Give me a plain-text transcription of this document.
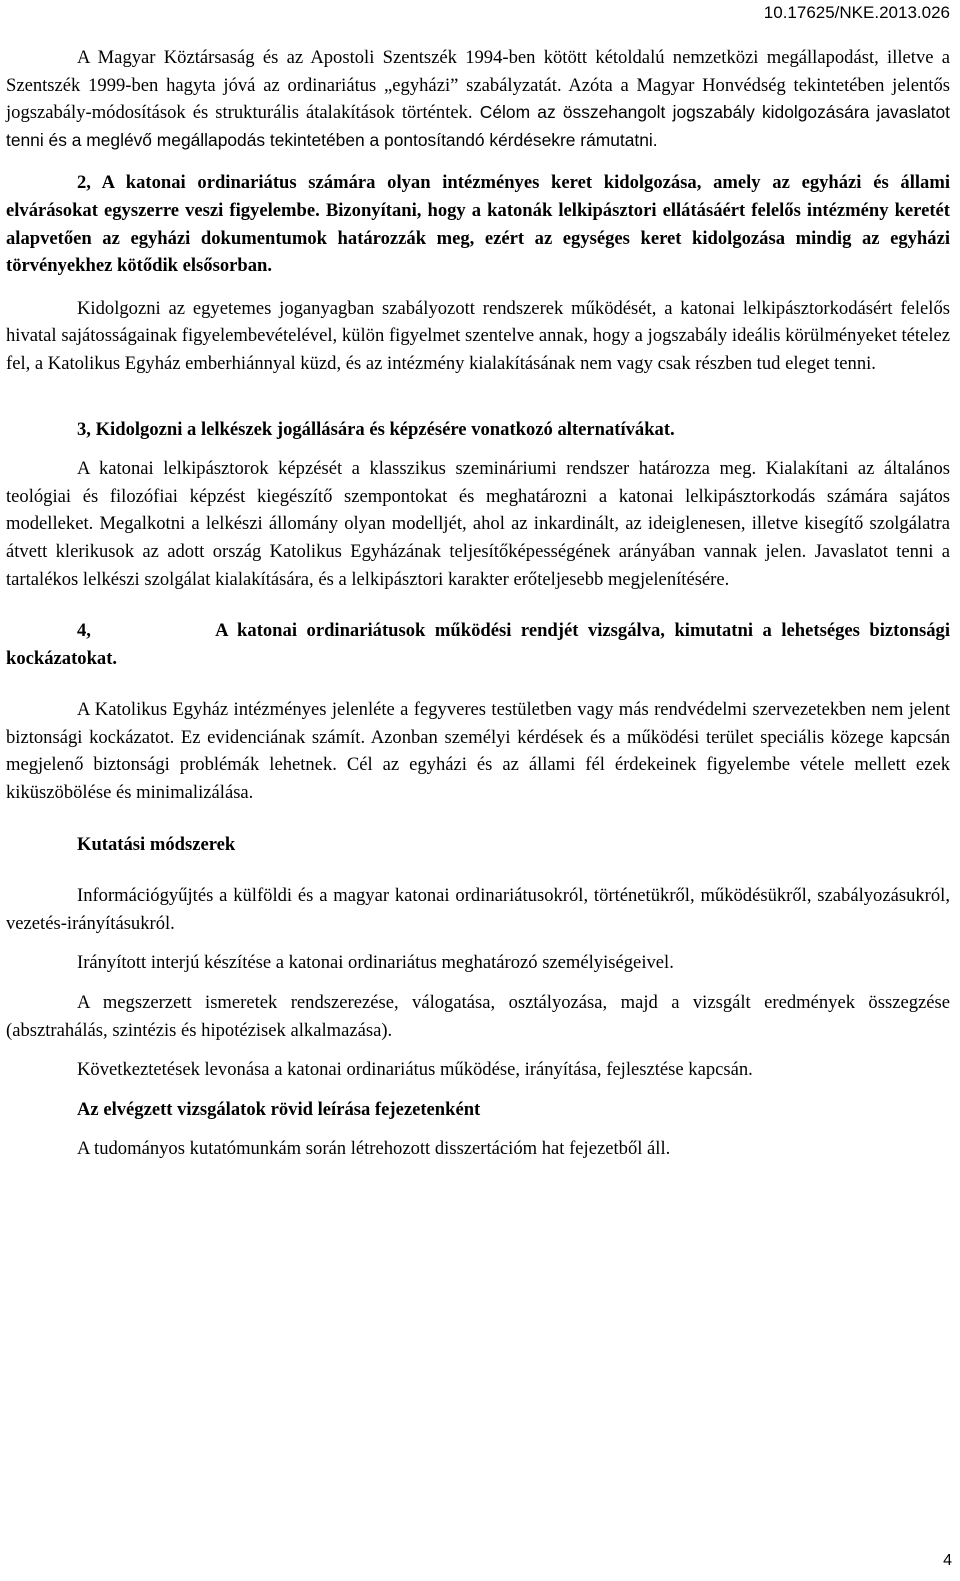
10.17625/NKE.2013.026

A Magyar Köztársaság és az Apostoli Szentszék 1994-ben kötött kétoldalú nemzetközi megállapodást, illetve a Szentszék 1999-ben hagyta jóvá az ordinariátus „egyházi” szabályzatát. Azóta a Magyar Honvédség tekintetében jelentős jogszabály-módosítások és strukturális átalakítások történtek. Célom az összehangolt jogszabály kidolgozására javaslatot tenni és a meglévő megállapodás tekintetében a pontosítandó kérdésekre rámutatni.

2, A katonai ordinariátus számára olyan intézményes keret kidolgozása, amely az egyházi és állami elvárásokat egyszerre veszi figyelembe. Bizonyítani, hogy a katonák lelkipásztori ellátásáért felelős intézmény keretét alapvetően az egyházi dokumentumok határozzák meg, ezért az egységes keret kidolgozása mindig az egyházi törvényekhez kötődik elsősorban.

Kidolgozni az egyetemes joganyagban szabályozott rendszerek működését, a katonai lelkipásztorkodásért felelős hivatal sajátosságainak figyelembevételével, külön figyelmet szentelve annak, hogy a jogszabály ideális körülményeket tételez fel, a Katolikus Egyház emberhiánnyal küzd, és az intézmény kialakításának nem vagy csak részben tud eleget tenni.

3, Kidolgozni a lelkészek jogállására és képzésére vonatkozó alternatívákat.

A katonai lelkipásztorok képzését a klasszikus szemináriumi rendszer határozza meg. Kialakítani az általános teológiai és filozófiai képzést kiegészítő szempontokat és meghatározni a katonai lelkipásztorkodás számára sajátos modelleket. Megalkotni a lelkészi állomány olyan modelljét, ahol az inkardinált, az ideiglenesen, illetve kisegítő szolgálatra átvett klerikusok az adott ország Katolikus Egyházának teljesítőképességének arányában vannak jelen. Javaslatot tenni a tartalékos lelkészi szolgálat kialakítására, és a lelkipásztori karakter erőteljesebb megjelenítésére.

4,             A katonai ordinariátusok működési rendjét vizsgálva, kimutatni a lehetséges biztonsági kockázatokat.

A Katolikus Egyház intézményes jelenléte a fegyveres testületben vagy más rendvédelmi szervezetekben nem jelent biztonsági kockázatot. Ez evidenciának számít. Azonban személyi kérdések és a működési terület speciális közege kapcsán megjelenő biztonsági problémák lehetnek. Cél az egyházi és az állami fél érdekeinek figyelembe vétele mellett ezek kiküszöbölése és minimalizálása.

Kutatási módszerek

Információgyűjtés a külföldi és a magyar katonai ordinariátusokról, történetükről, működésükről, szabályozásukról, vezetés-irányításukról.

Irányított interjú készítése a katonai ordinariátus meghatározó személyiségeivel.

A megszerzett ismeretek rendszerezése, válogatása, osztályozása, majd a vizsgált eredmények összegzése (absztrahálás, szintézis és hipotézisek alkalmazása).

Következtetések levonása a katonai ordinariátus működése, irányítása, fejlesztése kapcsán.

Az elvégzett vizsgálatok rövid leírása fejezetenként

A tudományos kutatómunkám során létrehozott disszertációm hat fejezetből áll.

4
